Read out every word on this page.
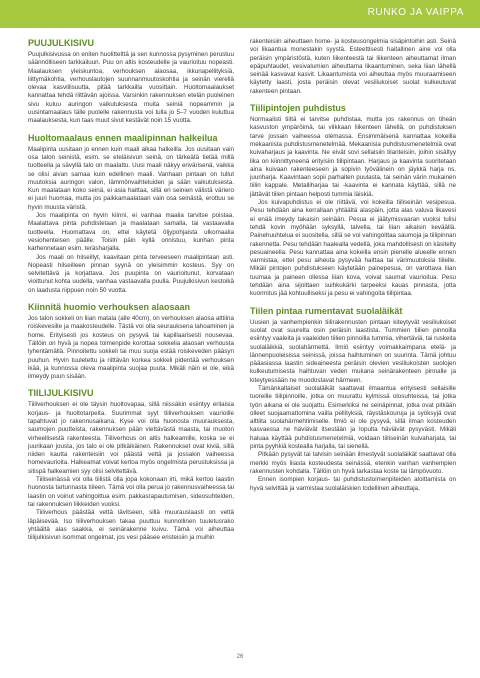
RUNKO JA VAIPPA
PUUJULKISIVU

Puujulkisivussa on eniten huolittelttä ja sen kunnossa pysyminen perustuu säännölliseen tarkkailuun. Puu on altis kosteudelle ja vaurioituu nopeasti. Maalauksen yleiskuntoa, verhouksen alaosaa, ikkunapellityksiä, liittymäkohtia, verhouslautojen suunnanmuutoskohtia ja seinän vierellä olevaa kasvillisuutta, pitää tarkkailla vuosittain. Huoltomaalaukset kannattaa tehdä riittävän ajoissa. Varsinkin rakennuksen etelän puoleinen sivu kuluu auringon vaikutuksesta muita seiniä nopeammin ja uusintamaalaus tälle puolelle rakennusta voi tulla jo 5–7 vuoden kuluttua maalauksesta, kun taas muut sivut kestävät noin 15 vuotta.

Huoltomaalaus ennen maalipinnan halkeilua

Maalipinta uusitaan jo ennen kuin maali alkaa halkeilla. Jos uusitaan vain osa talon seinistä, esim. se eteläisivun seinä, on tärkeätä tietää millä tuotteella ja sävyllä talo on maalattu. Uusi maali näkyy erivärisenä, vaikka se olisi aivan samaa kuin edellinen maali. Vanhaan pintaan on tullut muutoksia auringon valon, lämmönvaihteluiden ja sään vaikutuksesta. Kun maalataan koko seinä, ei asia haittaa, sillä eri seinien välistä väriero ei juuri huomaa, mutta jos paikkamaalataan vain osa seinästä, erottuu se hyvin muusta väristä.

Jos maalipinta on hyvin kiinni, ei vanhaa maalia tarvitse poistaa. Maalattava pinta puhdistetaan ja maalataan samalla, tai vastaavalla tuotteella. Huomattava on, ettei käytetä öljypohjaista ulkomaalia vesiohenteisen päälle. Toisin päin kyllä onnistuu, kunhan pinta karhennetaan esim. teräsharjalla.

Jos maali on hilseillyt, kaavitaan pinta terveeseen maalipintaan asti. Nopeasti hilseilleen pinnan syynä on yleisimmin kosteus. Syy on selvitettävä ja korjattava. Jos puupinta on vaurioitunut, korvataan vioittunut kohta uudella, vanhaa vastaavalla puulla. Puujulkisivun kestoikä on laadusta riippuen noin 50 vuotta.

Kiinnitä huomio verhouksen alaosaan

Jos talon sokkeli on liian matala (alle 40cm), on verhouksen alaosa alttiina roiskevesille ja maakosteudelle. Tästä voi olla seurauksena lahoaminen ja home. Erityisesti jos kosteus on pysyvä tai kapillaarisesti nousevaa. Tällöin on hyvä ja nopea toimenpide korottaa sokkelia alaosan verhousta lyhentämällä. Pinnoitettu sokkeli tai muu suoja estää roiskeveden pääsyn puuhun. Hyvin tuuletettu ja riittävän korkea sokkeli pidentää verhouksen ikää, ja kunnossa oleva maalipinta suojaa puuta. Mikäli näin ei ole, eikä ilmeydy puun sisään.

TIILIJULKISIVU

Tiiliverhouksen ei ole täysin huoltovapaa, sillä niissäkin esiintyy erilaisia korjaus- ja huoltotarpeita. Suurimmat syyt tiiliverhouksen vaurioille tapahtuvat jo rakennusaikana. Kyse voi olla huonosta muurauksesta, saumojen puutteista, rakennuksen pään viettävästä maasta, tai muoton virheellisestä rakenteesta. Tiiliverhous on altis halkeamille, koska se ei juurikaan jousta, jos talo ei ole pitkäikäinen. Rakennukset ovat kiviä, sillä niiden kautta rakenteisiin voi päästä vettä ja jossakin vaiheessa homevaurioita. Halkeamat voivat kertoa myös ongelmista perustuksissa ja sitispä halkeamien syy olisi selvitettävä.

Tiiliseinässä voi olla tiilistä olla jopa kokonaan irti, mikä kertoo laastin huonosta tartunnasta tiileen. Tämä voi olla perua jo rakennusvaiheessa tai laastin on voinut vahingoittua esim. pakkasrapautumisen, sideosuhteiden, tai rakennuksen liikkeiden vuoksi.

Tiiliverhous päästää vettä lävitseen, sillä muurauslaasti on vettä läpäisevää. Iso tiiliverhouksen takaa puuttuu kunnollinen tuuletusrako yhtäältä alas saakka, ei seinärakenne kuivu. Tämä voi aiheuttaa tiilijulkisivun isommat ongelmat, jos vesi pääsee eristeisiin ja muihin

rakenteisiin aiheuttaen home- ja kosteusongelmia sisäpintoihin asti. Seinä voi likaantua monestakin syystä. Esteettisesti haitallinen aine voi olla peräisin ympäristöstä, kuten liikenteestä tai liikenteen aiheuttamat ilman epäpuhtaudet, vesivalumien aiheuttama likaantuminen, seka liian lähellä seinää kasvavat kasvit. Likaantumista voi aiheuttaa myös muuraamiseen käytetty laasti, josta peräisin olevat vesiliukoiset suolat kulkeutuvat rakenteen pintaan.

Tiilipintojen puhdistus

Normaalisti tiiltä ei tarvitse puhdistaa, mutta jos rakennus on tiheän kasvuston ympäröimä, tai vilkkaan liikenteen lähellä, on puhdistuksen tarve jossain vaiheessa olemassa. Ensimmäisenä kannattaa kokeilla mekaanista puhdistusmenetelmää. Mekaanisia puhdistusmenetelmiä ovat kuivaharjaus ja kaavinta. Ne eivät sovi sellaisiin tilanteisiin, joihin sisältyy lika on kiinnittyneenä erityisiin tiilipintaan. Harjaus ja kaavinta suoritetaan aina kuivaan rakenteeseen ja sopivin työvälinein on jäykkä harja ns. juuriharja. Kaavintaan sopii parhaiten puulasta, tai seinän värin mukainen tiilin kappale. Metalliharjaa tai -kaavinta ei kannata käyttää, sillä ne jättävät tiilen pintaan helposti tummia läiskiä.

Jos kuivapuhdistus ei ole riittävä, voi kokeilla tiiliseinän vesipesua. Pesu tehdään aina kerrallaan yhtäältä alaspäin, jotta alas valuva likavesi ei enää imeydy takaisin seinään. Pesua ei jäätymisvaaran vuoksi tulisi tehdä kovin myöhään syksyllä, talvella, tai liian aikaisin keväällä. Painehuuhtelua ei suositella, sillä se voi vahingoittaa saumoja ja tiilipinnan rakennetta. Pesu tehdään haalealla vedellä, joka mahdollisesti on käsitelty pesuaineella. Pesu kannattaa aina kokeilla ensin pienelle alueelle ennen varmistaa, ettei pesu aiheuta pysyvää haittaa tai värimuutoksia tiilelle. Mikäli pintojen puhdistukseen käytetään painepesua, on varottava liian tuumaa ja paineen ollessa liian kova, voivat saumat vaurioitua. Pesu tehdään aina sijoittaen suihkukärki tarpeeksi kauas pinnasta, jotta kuormitus jää kohtuulliseksi ja pesu ei vahingoita tiilipintaa.

Tiilen pintaa rumentavat suolaläikät

Uusien ja vanhempienkin tiilirakennusten pintaan kiteytyvät vesiliukoiset suolat ovat suurelta osin peräisin laastista. Tummien tiilien pinnoilla esiintyy vaaleita ja vaaleiden tiilien pinnoilla tummia, vihertäviä, tai ruskeita suolaläikkiä, suolahärmettä. Ilmiö esiintyy voimakkaimpana etelä- ja lännenpuoleisissa seinissä, joissa haihtuminen on suurinta. Tämä johtuu pääasiassa laastin sideaineesta peräisin olevien vesiliukoisten suolojen kulkeutumisesta haihtuvan veden mukana seinärakenteen pinnalle ja kiteytyessään ne muodostavat härmeen.

Tämänkaltaiset suolaläikät saattavat ilmaantua erityisesti sellaisille tuoreille tiilipinnoille, jotka on muurattu kylmissä olosuhteissa, tai jotka työn aikana ei ole suojattu. Esimerkiksi ne seinäpinnat, jotka ovat pitkään olleet suojaamattomina vailla pellityksiä, räystäskouruja ja syöksyjä ovat alttiita suolahärmehtimiselle. Ilmiö ei ole pysyvä, sillä ilman kosteuden kasvaessa ne häviävät itsestään ja lopulta häviävät pysyvästi. Mikäli haluaa käyttää puhdistusmenetelmiä, voidaan tiiliseinän kuivaharjata, tai pinta pyyhkiä kostealla harjalla, tai sienellä.

Pitkään pysyvät tai talvisin seinään ilmestyvät suolaläikät saattavat olla merkki myös liiasta kosteudesta seinässä, etenkin vanhan vanhempien rakennusten kohdalla. Tällöin on hyvä tarkastaa koste tai lämpövuoto.

Ennen isompien korjaus- tai puhdistustoimenpiteiden aloittamista on hyvä selvittää ja varmistaa suolaläiskien todellinen aiheuttaja,

26
